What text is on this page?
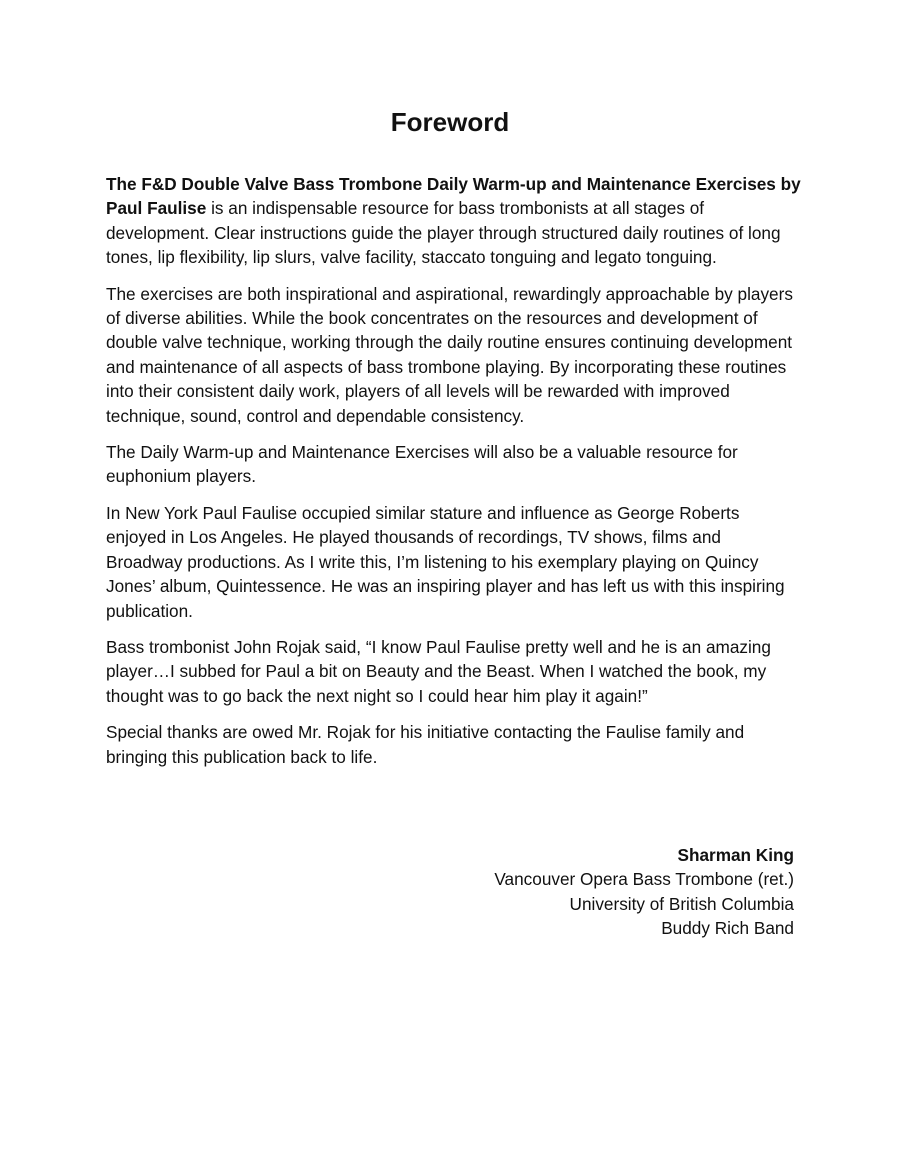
Foreword

The F&D Double Valve Bass Trombone Daily Warm-up and Maintenance Exercises by Paul Faulise is an indispensable resource for bass trombonists at all stages of development. Clear instructions guide the player through structured daily routines of long tones, lip flexibility, lip slurs, valve facility, staccato tonguing and legato tonguing.

The exercises are both inspirational and aspirational, rewardingly approachable by players of diverse abilities. While the book concentrates on the resources and development of double valve technique, working through the daily routine ensures continuing development and maintenance of all aspects of bass trombone playing. By incorporating these routines into their consistent daily work, players of all levels will be rewarded with improved technique, sound, control and dependable consistency.

The Daily Warm-up and Maintenance Exercises will also be a valuable resource for euphonium players.

In New York Paul Faulise occupied similar stature and influence as George Roberts enjoyed in Los Angeles. He played thousands of recordings, TV shows, films and Broadway productions. As I write this, I’m listening to his exemplary playing on Quincy Jones’ album, Quintessence. He was an inspiring player and has left us with this inspiring publication.

Bass trombonist John Rojak said, “I know Paul Faulise pretty well and he is an amazing player…I subbed for Paul a bit on Beauty and the Beast. When I watched the book, my thought was to go back the next night so I could hear him play it again!”

Special thanks are owed Mr. Rojak for his initiative contacting the Faulise family and bringing this publication back to life.

Sharman King
Vancouver Opera Bass Trombone (ret.)
University of British Columbia
Buddy Rich Band
